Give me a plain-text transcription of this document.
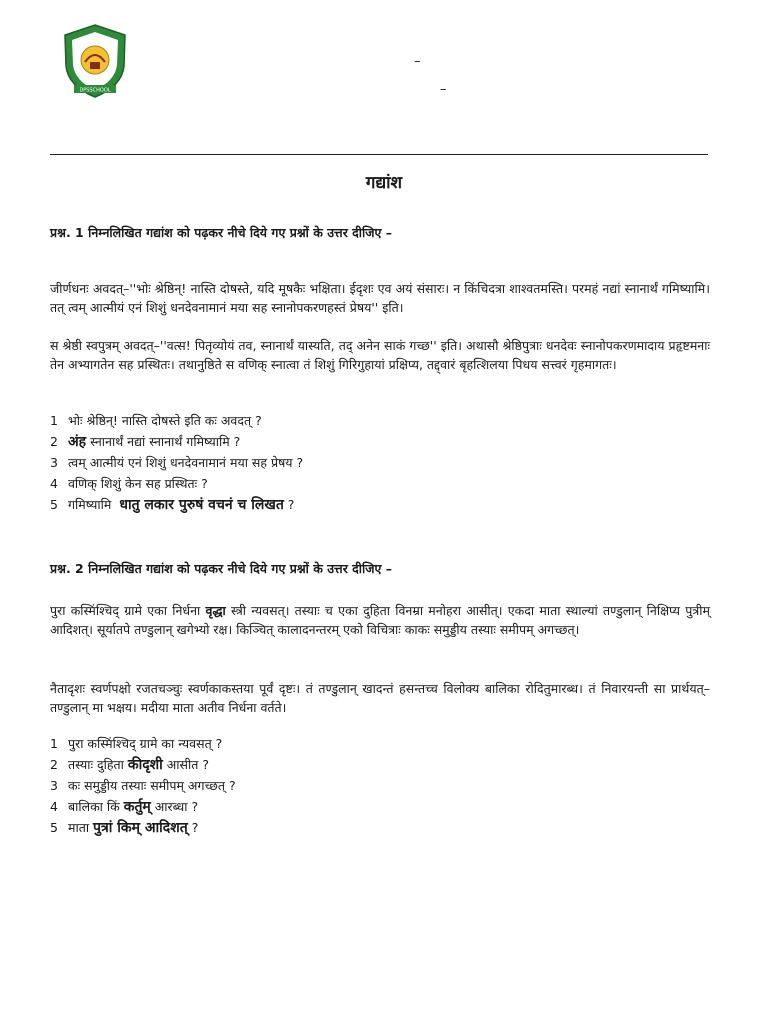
DPSSCHOOL
–
–
गद्यांश
प्रश्न. 1 निम्नलिखित गद्यांश को पढ़कर नीचे दिये गए प्रश्नों के उत्तर दीजिए –
जीर्णधनः अवदत्–''भोः श्रेष्ठिन्! नास्ति दोषस्ते, यदि मूषकैः भक्षिता। ईदृशः एव अयं संसारः। न किंचिदत्रा शाश्वतमस्ति। परमहं नद्यां स्नानार्थं गमिष्यामि। तत् त्वम् आत्मीयं एनं शिशुं धनदेवनामानं मया सह स्नानोपकरणहस्तं प्रेषय'' इति।
स श्रेष्ठी स्वपुत्रम् अवदत्–''वत्स! पितृव्योयं तव, स्नानार्थं यास्यति, तद् अनेन साकं गच्छ'' इति। अथासौ श्रेष्ठिपुत्राः धनदेवः स्नानोपकरणमादाय प्रहृष्टमनाः तेन अभ्यागतेन सह प्रस्थितः। तथानुष्ठिते स वणिक् स्नात्वा तं शिशुं गिरिगुहायां प्रक्षिप्य, तद्द्वारं बृहत्शिलया पिधय सत्त्वरं गृहमागतः।
1 भोः श्रेष्ठिन्! नास्ति दोषस्ते इति कः अवदत् ?
2 अंह स्नानार्थं नद्यां स्नानार्थं गमिष्यामि ?
3 त्वम् आत्मीयं एनं शिशुं धनदेवनामानं मया सह प्रेषय ?
4 वणिक् शिशुं केन सह प्रस्थितः ?
5 गमिष्यामि  धातु लकार पुरुषं वचनं च लिखत ?
प्रश्न. 2 निम्नलिखित गद्यांश को पढ़कर नीचे दिये गए प्रश्नों के उत्तर दीजिए –
पुरा कस्मिंश्चिद् ग्रामे एका निर्धना वृद्धा स्त्री न्यवसत्। तस्याः च एका दुहिता विनम्रा मनोहरा आसीत्। एकदा माता स्थाल्यां तण्डुलान् निक्षिप्य पुत्रीम् आदिशत्। सूर्यातपे तण्डुलान् खगेभ्यो रक्ष। किञ्चित् कालादनन्तरम् एको विचित्राः काकः समुड्डीय तस्याः समीपम् अगच्छत्।
नैतादृशः स्वर्णपक्षो रजतचञ्चुः स्वर्णकाकस्तया पूर्वं दृष्टः। तं तण्डुलान् खादन्तं हसन्तच्च विलोक्य बालिका रोदितुमारब्ध। तं निवारयन्ती सा प्रार्थयत्– तण्डुलान् मा भक्षय। मदीया माता अतीव निर्धना वर्तते।
1 पुरा कस्मिंश्चिद् ग्रामे का न्यवसत् ?
2 तस्याः दुहिता कीदृशी आसीत ?
3 कः समुड्डीय तस्याः समीपम् अगच्छत् ?
4 बालिका किं कर्तुम् आरब्धा ?
5 माता पुत्रां किम् आदिशत् ?
